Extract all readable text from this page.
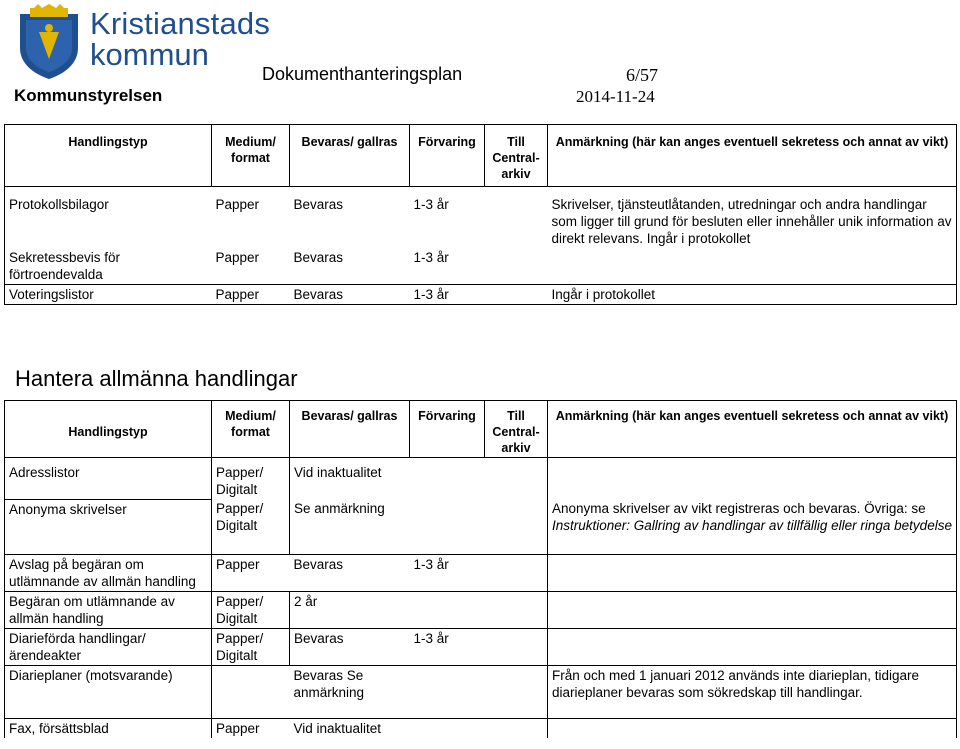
Kristianstads
kommun
Dokumenthanteringsplan	6/57
Kommunstyrelsen	2014-11-24
Handlingstyp	Medium/ format	Bevaras/ gallras	Förvaring	Till Central-arkiv	Anmärkning (här kan anges eventuell sekretess och annat av vikt)
Protokollsbilagor	Papper	Bevaras	1-3 år		Skrivelser, tjänsteutlåtanden, utredningar och andra handlingar som ligger till grund för besluten eller innehåller unik information av direkt relevans. Ingår i protokollet
Sekretessbevis för förtroendevalda	Papper	Bevaras	1-3 år		
Voteringslistor	Papper	Bevaras	1-3 år		Ingår i protokollet
Hantera allmänna handlingar
Handlingstyp	Medium/ format	Bevaras/ gallras	Förvaring	Till Central-arkiv	Anmärkning (här kan anges eventuell sekretess och annat av vikt)
Adresslistor	Papper/ Digitalt	Vid inaktualitet			
Anonyma skrivelser	Papper/ Digitalt	Se anmärkning			Anonyma skrivelser av vikt registreras och bevaras. Övriga: se Instruktioner: Gallring av handlingar av tillfällig eller ringa betydelse
Avslag på begäran om utlämnande av allmän handling	Papper	Bevaras	1-3 år		
Begäran om utlämnande av allmän handling	Papper/ Digitalt	2 år			
Diarieförda handlingar/ärendeakter	Papper/ Digitalt	Bevaras	1-3 år		
Diarieplaner (motsvarande)		Bevaras Se anmärkning			Från och med 1 januari 2012 används inte diarieplan, tidigare diarieplaner bevaras som sökredskap till handlingar.
Fax, försättsblad	Papper	Vid inaktualitet			
